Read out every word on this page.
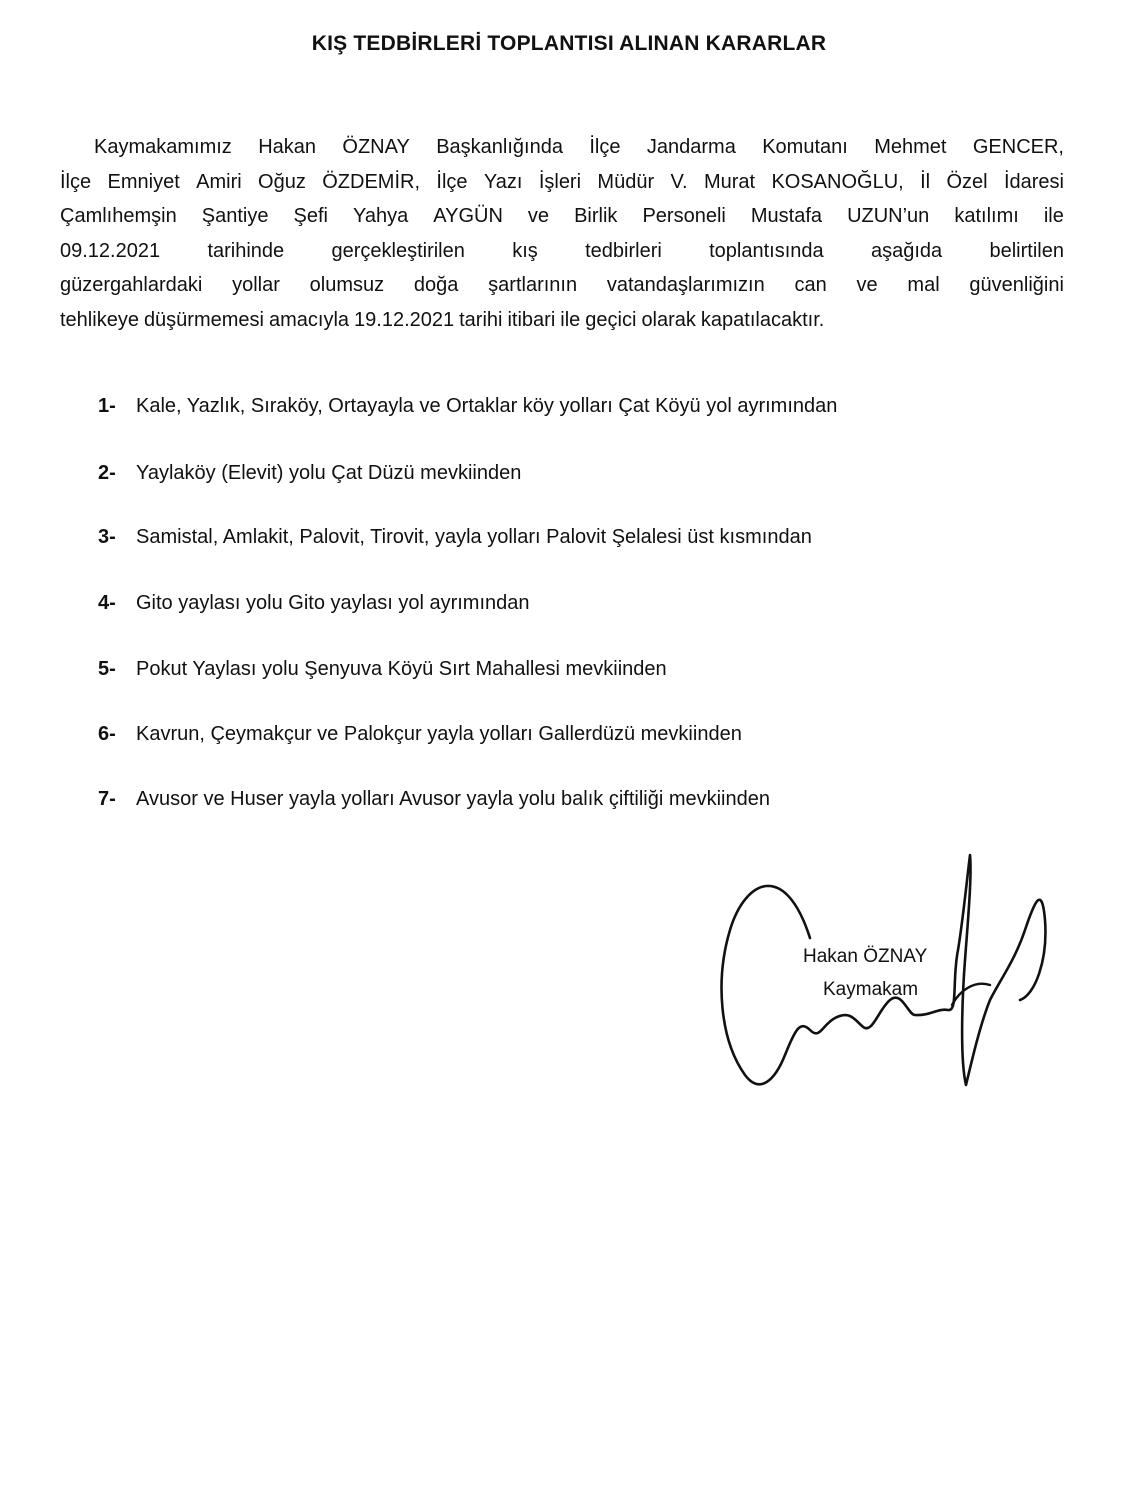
KIŞ TEDBİRLERİ TOPLANTISI ALINAN KARARLAR
Kaymakamımız Hakan ÖZNAY Başkanlığında İlçe Jandarma Komutanı Mehmet GENCER,
İlçe Emniyet Amiri Oğuz ÖZDEMİR, İlçe Yazı İşleri Müdür V. Murat KOSANOĞLU, İl Özel İdaresi
Çamlıhemşin Şantiye Şefi Yahya AYGÜN ve Birlik Personeli Mustafa UZUN’un katılımı ile
09.12.2021 tarihinde gerçekleştirilen kış tedbirleri toplantısında aşağıda belirtilen
güzergahlardaki yollar olumsuz doğa şartlarının vatandaşlarımızın can ve mal güvenliğini
tehlikeye düşürmemesi amacıyla 19.12.2021 tarihi itibari ile geçici olarak kapatılacaktır.
1- Kale, Yazlık, Sıraköy, Ortayayla ve Ortaklar köy yolları Çat Köyü yol ayrımından
2- Yaylaköy (Elevit) yolu Çat Düzü mevkiinden
3- Samistal, Amlakit, Palovit, Tirovit, yayla yolları Palovit Şelalesi üst kısmından
4- Gito yaylası yolu Gito yaylası yol ayrımından
5- Pokut Yaylası yolu Şenyuva Köyü Sırt Mahallesi mevkiinden
6- Kavrun, Çeymakçur ve Palokçur yayla yolları Gallerdüzü mevkiinden
7- Avusor ve Huser yayla yolları Avusor yayla yolu balık çiftiliği mevkiinden
Hakan ÖZNAY
Kaymakam
